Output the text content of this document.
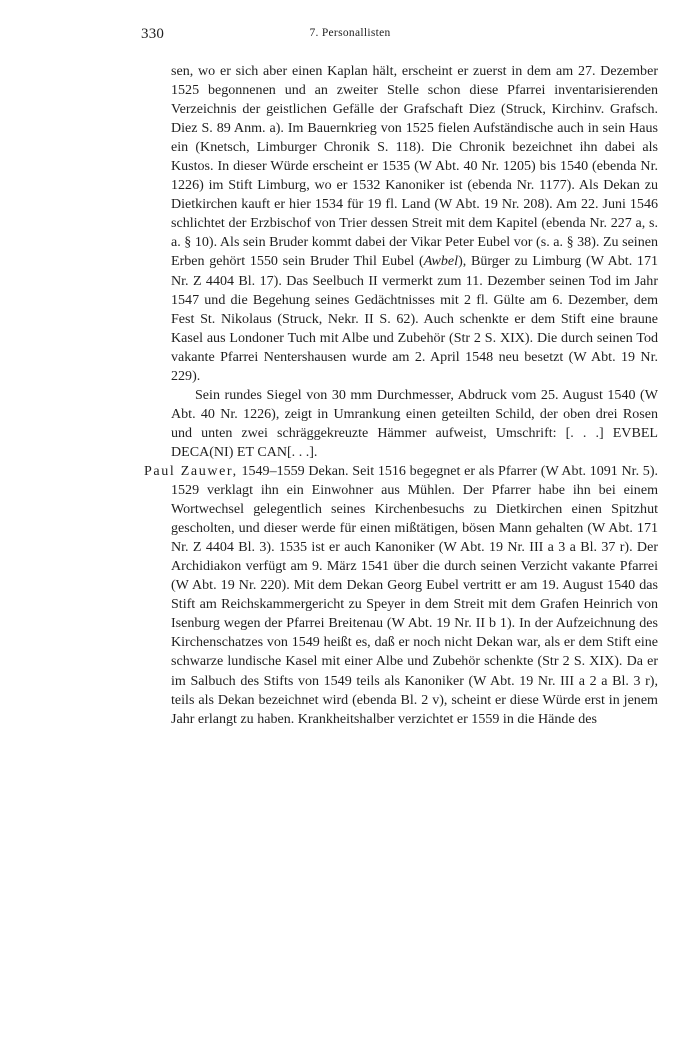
330	7. Personallisten

sen, wo er sich aber einen Kaplan hält, erscheint er zuerst in dem am 27. Dezember 1525 begonnenen und an zweiter Stelle schon diese Pfarrei inventarisierenden Verzeichnis der geistlichen Gefälle der Grafschaft Diez (Struck, Kirchinv. Grafsch. Diez S. 89 Anm. a). Im Bauernkrieg von 1525 fielen Aufständische auch in sein Haus ein (Knetsch, Limburger Chronik S. 118). Die Chronik bezeichnet ihn dabei als Kustos. In dieser Würde erscheint er 1535 (W Abt. 40 Nr. 1205) bis 1540 (ebenda Nr. 1226) im Stift Limburg, wo er 1532 Kanoniker ist (ebenda Nr. 1177). Als Dekan zu Dietkirchen kauft er hier 1534 für 19 fl. Land (W Abt. 19 Nr. 208). Am 22. Juni 1546 schlichtet der Erzbischof von Trier dessen Streit mit dem Kapitel (ebenda Nr. 227 a, s. a. § 10). Als sein Bruder kommt dabei der Vikar Peter Eubel vor (s. a. § 38). Zu seinen Erben gehört 1550 sein Bruder Thil Eubel (Awbel), Bürger zu Limburg (W Abt. 171 Nr. Z 4404 Bl. 17). Das Seelbuch II vermerkt zum 11. Dezember seinen Tod im Jahr 1547 und die Begehung seines Gedächtnisses mit 2 fl. Gülte am 6. Dezember, dem Fest St. Nikolaus (Struck, Nekr. II S. 62). Auch schenkte er dem Stift eine braune Kasel aus Londoner Tuch mit Albe und Zubehör (Str 2 S. XIX). Die durch seinen Tod vakante Pfarrei Nentershausen wurde am 2. April 1548 neu besetzt (W Abt. 19 Nr. 229).

Sein rundes Siegel von 30 mm Durchmesser, Abdruck vom 25. August 1540 (W Abt. 40 Nr. 1226), zeigt in Umrankung einen geteilten Schild, der oben drei Rosen und unten zwei schräggekreuzte Hämmer aufweist, Umschrift: [. . .] EVBEL DECA(NI) ET CAN[. . .].

Paul Zauwer, 1549–1559 Dekan. Seit 1516 begegnet er als Pfarrer (W Abt. 1091 Nr. 5). 1529 verklagt ihn ein Einwohner aus Mühlen. Der Pfarrer habe ihn bei einem Wortwechsel gelegentlich seines Kirchenbesuchs zu Dietkirchen einen Spitzhut gescholten, und dieser werde für einen mißtätigen, bösen Mann gehalten (W Abt. 171 Nr. Z 4404 Bl. 3). 1535 ist er auch Kanoniker (W Abt. 19 Nr. III a 3 a Bl. 37 r). Der Archidiakon verfügt am 9. März 1541 über die durch seinen Verzicht vakante Pfarrei (W Abt. 19 Nr. 220). Mit dem Dekan Georg Eubel vertritt er am 19. August 1540 das Stift am Reichskammergericht zu Speyer in dem Streit mit dem Grafen Heinrich von Isenburg wegen der Pfarrei Breitenau (W Abt. 19 Nr. II b 1). In der Aufzeichnung des Kirchenschatzes von 1549 heißt es, daß er noch nicht Dekan war, als er dem Stift eine schwarze lundische Kasel mit einer Albe und Zubehör schenkte (Str 2 S. XIX). Da er im Salbuch des Stifts von 1549 teils als Kanoniker (W Abt. 19 Nr. III a 2 a Bl. 3 r), teils als Dekan bezeichnet wird (ebenda Bl. 2 v), scheint er diese Würde erst in jenem Jahr erlangt zu haben. Krankheitshalber verzichtet er 1559 in die Hände des
